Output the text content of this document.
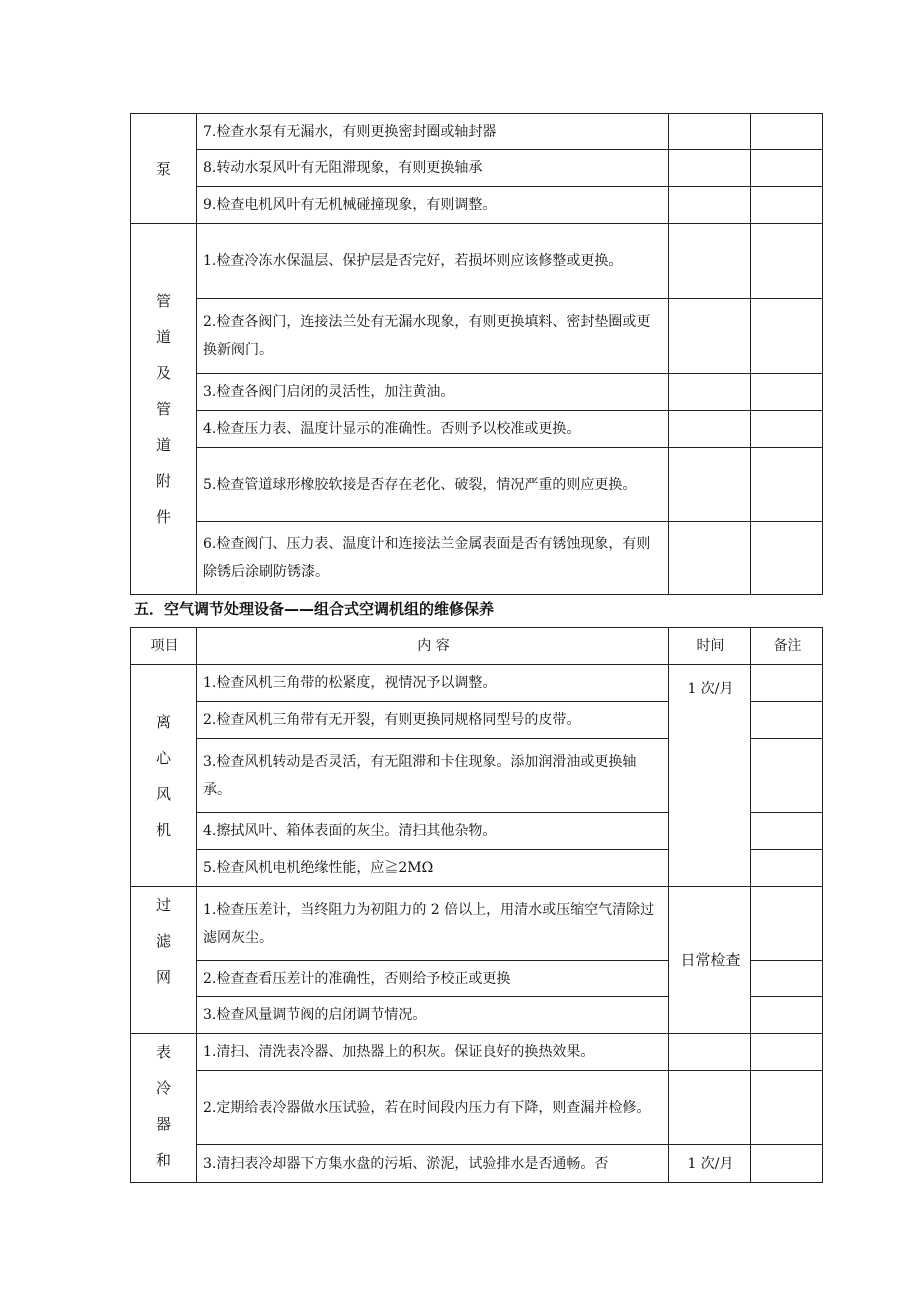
泵	7.检查水泵有无漏水，有则更换密封圈或轴封器		
	8.转动水泵风叶有无阻滞现象，有则更换轴承		
	9.检查电机风叶有无机械碰撞现象，有则调整。		
管道及管道附件	1.检查冷冻水保温层、保护层是否完好，若损坏则应该修整或更换。		
	2.检查各阀门，连接法兰处有无漏水现象，有则更换填料、密封垫圈或更换新阀门。		
	3.检查各阀门启闭的灵活性，加注黄油。		
	4.检查压力表、温度计显示的准确性。否则予以校准或更换。		
	5.检查管道球形橡胶软接是否存在老化、破裂，情况严重的则应更换。		
	6.检查阀门、压力表、温度计和连接法兰金属表面是否有锈蚀现象，有则除锈后涂刷防锈漆。		
五．空气调节处理设备——组合式空调机组的维修保养
项目	内 容	时间	备注
离心风机	1.检查风机三角带的松紧度，视情况予以调整。	1 次/月	
	2.检查风机三角带有无开裂，有则更换同规格同型号的皮带。		
	3.检查风机转动是否灵活，有无阻滞和卡住现象。添加润滑油或更换轴承。		
	4.擦拭风叶、箱体表面的灰尘。清扫其他杂物。		
	5.检查风机电机绝缘性能，应≧2MΩ		
过滤网	1.检查压差计，当终阻力为初阻力的 2 倍以上，用清水或压缩空气清除过滤网灰尘。	日常检查	
	2.检查查看压差计的准确性，否则给予校正或更换		
	3.检查风量调节阀的启闭调节情况。		
表冷器和	1.清扫、清洗表冷器、加热器上的积灰。保证良好的换热效果。		
	2.定期给表冷器做水压试验，若在时间段内压力有下降，则查漏并检修。		
	3.清扫表冷却器下方集水盘的污垢、淤泥，试验排水是否通畅。否	1 次/月	
